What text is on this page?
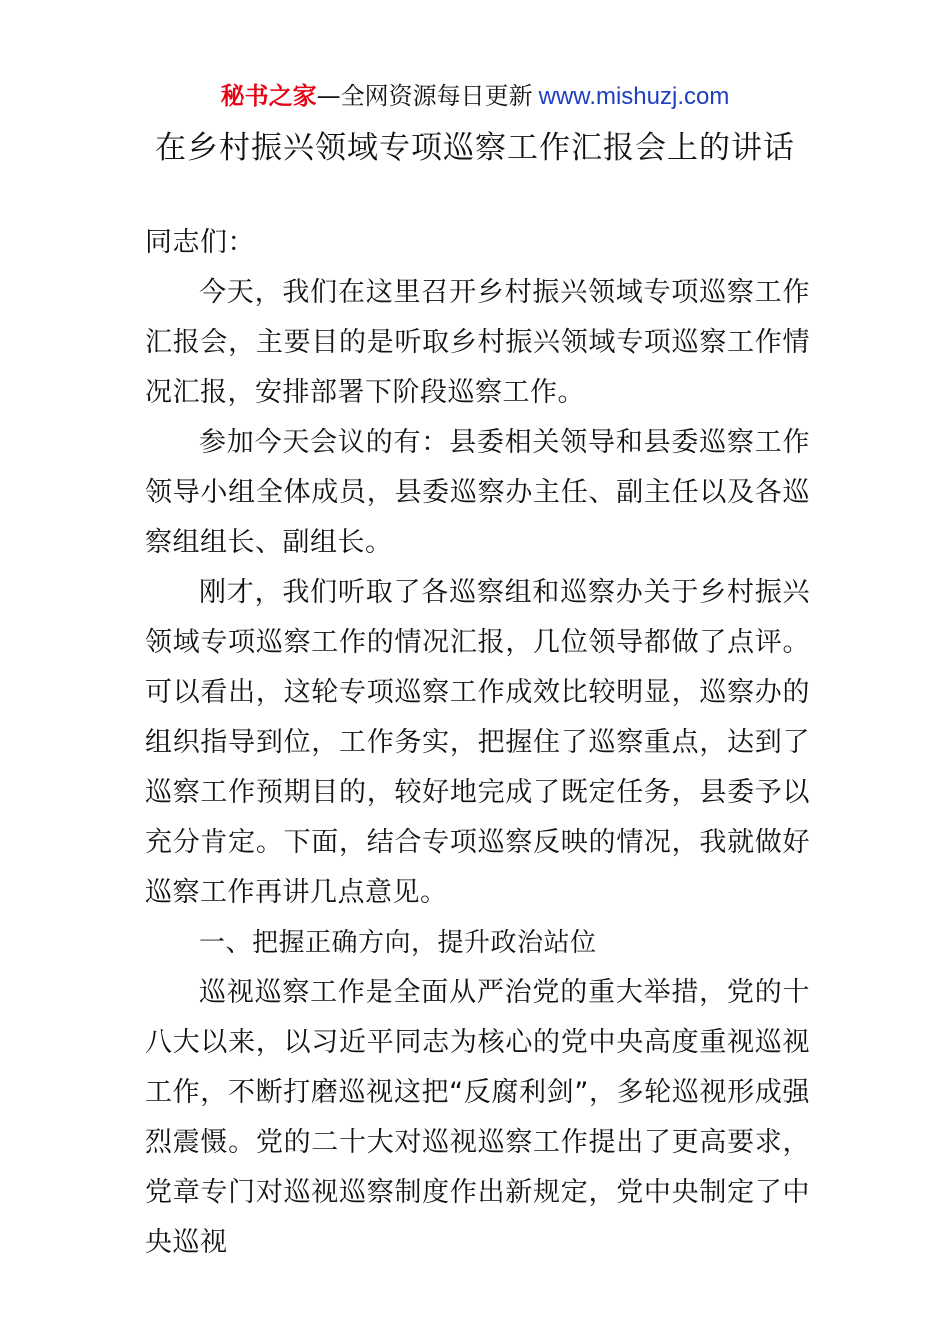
秘书之家—全网资源每日更新 www.mishuzj.com
在乡村振兴领域专项巡察工作汇报会上的讲话

同志们：

今天，我们在这里召开乡村振兴领域专项巡察工作汇报会，主要目的是听取乡村振兴领域专项巡察工作情况汇报，安排部署下阶段巡察工作。

参加今天会议的有：县委相关领导和县委巡察工作领导小组全体成员，县委巡察办主任、副主任以及各巡察组组长、副组长。

刚才，我们听取了各巡察组和巡察办关于乡村振兴领域专项巡察工作的情况汇报，几位领导都做了点评。可以看出，这轮专项巡察工作成效比较明显，巡察办的组织指导到位，工作务实，把握住了巡察重点，达到了巡察工作预期目的，较好地完成了既定任务，县委予以充分肯定。下面，结合专项巡察反映的情况，我就做好巡察工作再讲几点意见。

一、把握正确方向，提升政治站位

巡视巡察工作是全面从严治党的重大举措，党的十八大以来，以习近平同志为核心的党中央高度重视巡视工作，不断打磨巡视这把“反腐利剑”，多轮巡视形成强烈震慑。党的二十大对巡视巡察工作提出了更高要求，党章专门对巡视巡察制度作出新规定，党中央制定了中央巡视
